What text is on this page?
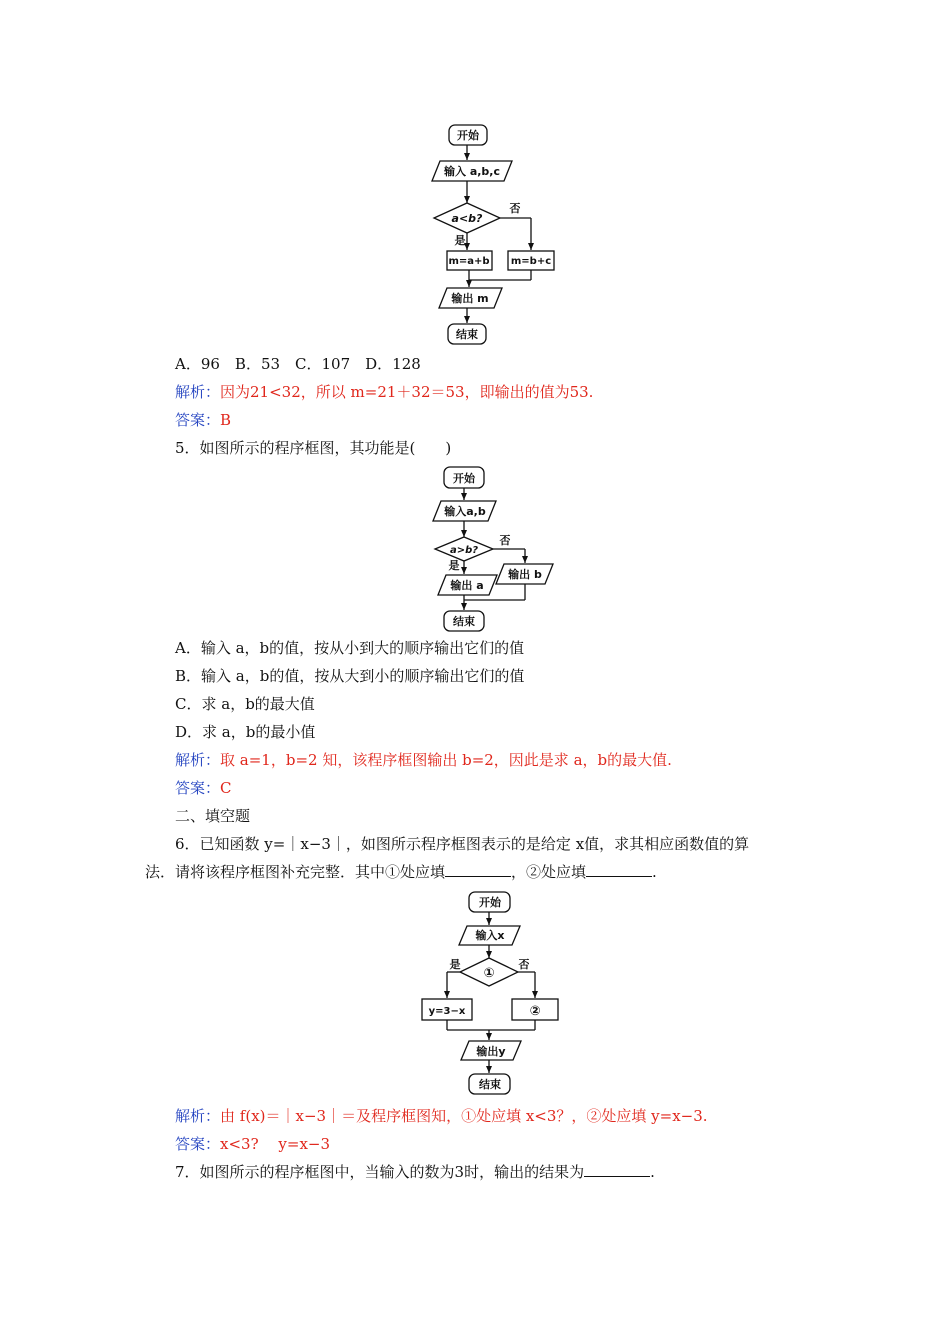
开始
输入 a,b,c
a<b?
否
是
m=a+b m=b+c
输出 m
结束
A．96　B．53　C．107　D．128
解析：因为21<32，所以 m=21＋32＝53，即输出的值为53.
答案：B
5．如图所示的程序框图，其功能是(　　)
开始
输入a,b
a>b?
否
是
输出 a
输出 b
结束
A．输入 a，b的值，按从小到大的顺序输出它们的值
B．输入 a，b的值，按从大到小的顺序输出它们的值
C．求 a，b的最大值
D．求 a，b的最小值
解析：取 a=1，b=2 知，该程序框图输出 b=2，因此是求 a，b的最大值.
答案：C
二、填空题
6．已知函数 y=｜x−3｜，如图所示程序框图表示的是给定 x值，求其相应函数值的算
法．请将该程序框图补充完整．其中①处应填	，②处应填	.
开始
输入x
①
是	否
y=3−x	②
输出y
结束
解析：由 f(x)＝｜x−3｜＝及程序框图知，①处应填 x<3？，②处应填 y=x−3.
答案：x<3?　 y=x−3
7．如图所示的程序框图中，当输入的数为3时，输出的结果为	.
